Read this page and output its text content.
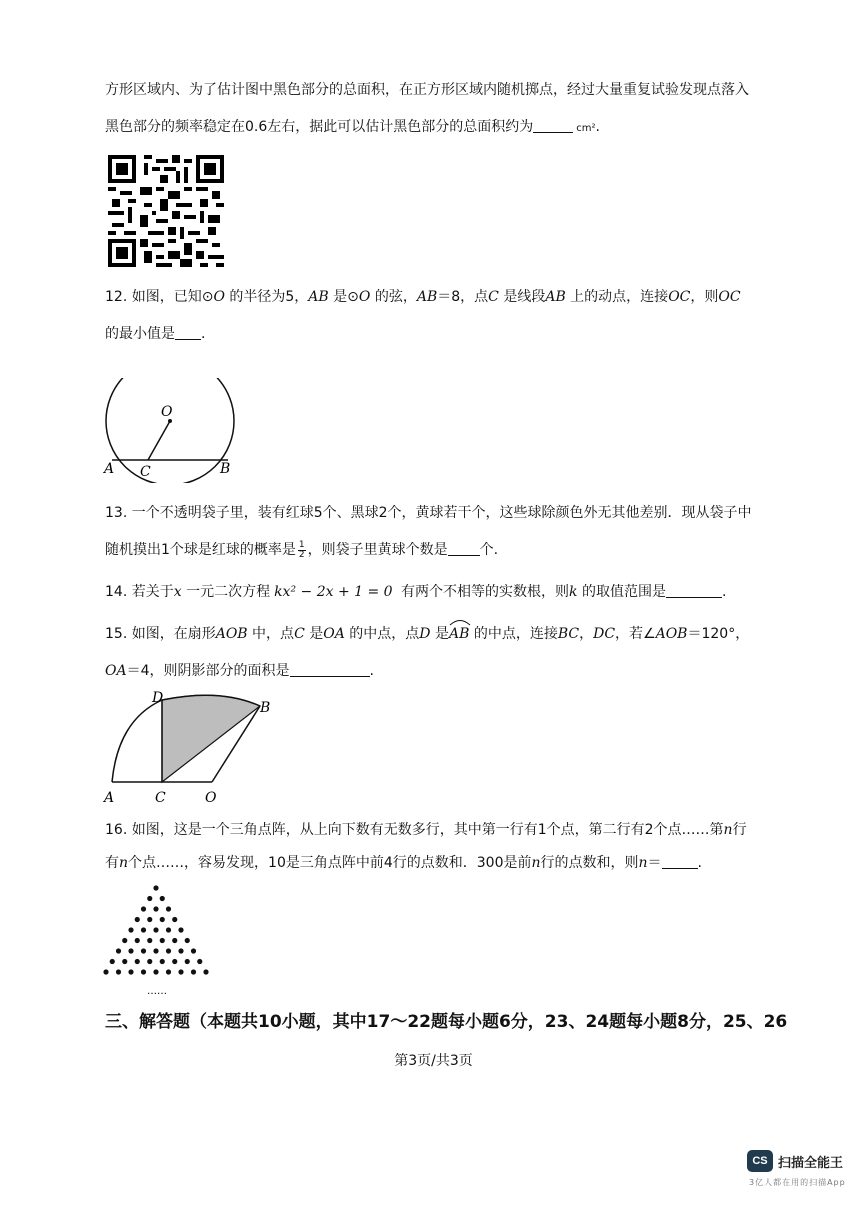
方形区域内、为了估计图中黑色部分的总面积，在正方形区域内随机掷点，经过大量重复试验发现点落入
黑色部分的频率稳定在0.6左右，据此可以估计黑色部分的总面积约为	cm².
12. 如图，已知⊙O 的半径为5，AB 是⊙O 的弦，AB＝8，点C 是线段AB 上的动点，连接OC，则OC
的最小值是 .
O
A C	B
13. 一个不透明袋子里，装有红球5个、黑球2个，黄球若干个，这些球除颜色外无其他差别．现从袋子中
随机摸出1个球是红球的概率是 $\frac{1}{2}$ ，则袋子里黄球个数是 个.
14. 若关于x 一元二次方程 kx² − 2x + 1 = 0 有两个不相等的实数根，则k 的取值范围是	.
15. 如图，在扇形AOB 中，点C 是OA 的中点，点D 是
AB 的中点，连接BC，DC，若∠AOB＝120°，
OA＝4，则阴影部分的面积是	.
D
B
A	C	O
16. 如图，这是一个三角点阵，从上向下数有无数多行，其中第一行有1个点，第二行有2个点……第n行
有n个点……，容易发现，10是三角点阵中前4行的点数和．300是前n行的点数和，则n＝	.
……
三、解答题（本题共10小题，其中17～22题每小题6分，23、24题每小题8分，25、26
第3页/共3页
CS 扫描全能王
3亿人都在用的扫描App
